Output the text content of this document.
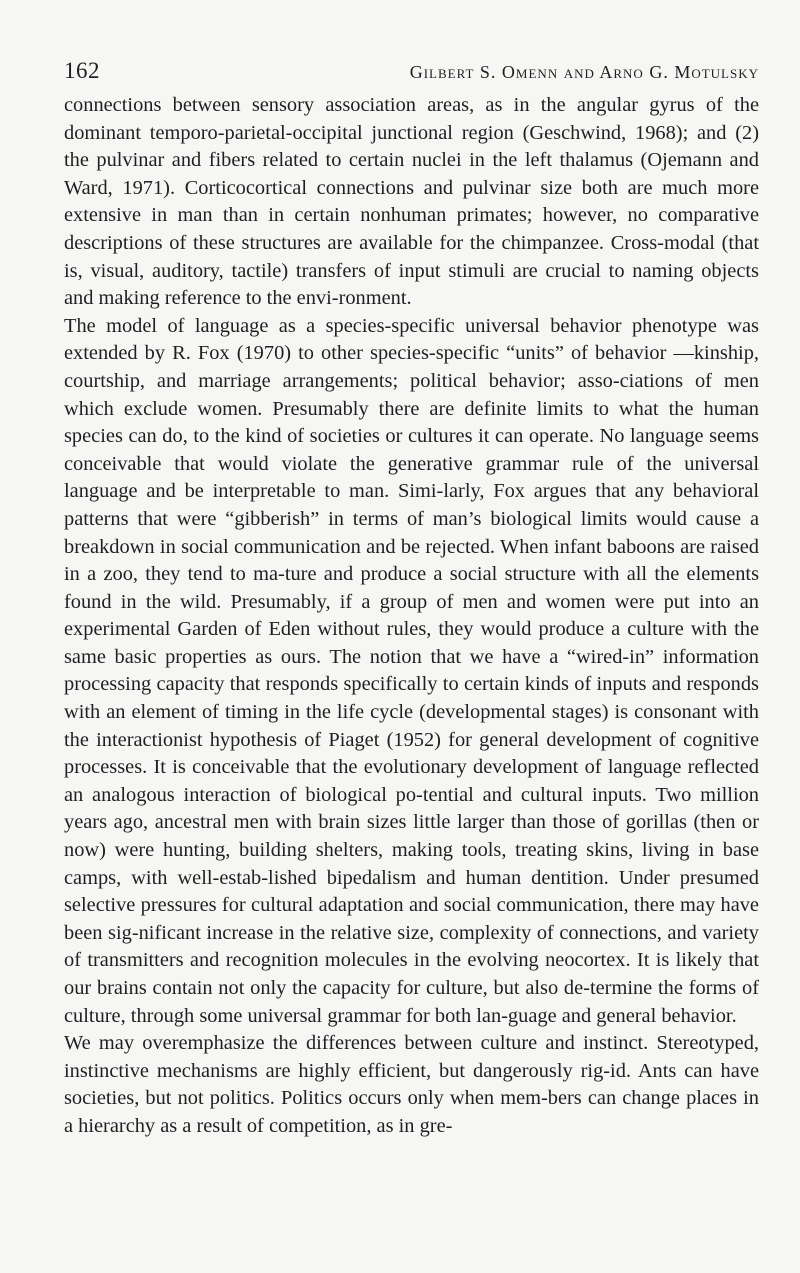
162	Gilbert S. Omenn and Arno G. Motulsky

connections between sensory association areas, as in the angular gyrus of the dominant temporo-parietal-occipital junctional region (Geschwind, 1968); and (2) the pulvinar and fibers related to certain nuclei in the left thalamus (Ojemann and Ward, 1971). Corticocortical connections and pulvinar size both are much more extensive in man than in certain nonhuman primates; however, no comparative descriptions of these structures are available for the chimpanzee. Cross-modal (that is, visual, auditory, tactile) transfers of input stimuli are crucial to naming objects and making reference to the envi-ronment.

The model of language as a species-specific universal behavior phenotype was extended by R. Fox (1970) to other species-specific “units” of behavior —kinship, courtship, and marriage arrangements; political behavior; asso-ciations of men which exclude women. Presumably there are definite limits to what the human species can do, to the kind of societies or cultures it can operate. No language seems conceivable that would violate the generative grammar rule of the universal language and be interpretable to man. Simi-larly, Fox argues that any behavioral patterns that were “gibberish” in terms of man’s biological limits would cause a breakdown in social communication and be rejected. When infant baboons are raised in a zoo, they tend to ma-ture and produce a social structure with all the elements found in the wild. Presumably, if a group of men and women were put into an experimental Garden of Eden without rules, they would produce a culture with the same basic properties as ours. The notion that we have a “wired-in” information processing capacity that responds specifically to certain kinds of inputs and responds with an element of timing in the life cycle (developmental stages) is consonant with the interactionist hypothesis of Piaget (1952) for general development of cognitive processes. It is conceivable that the evolutionary development of language reflected an analogous interaction of biological po-tential and cultural inputs. Two million years ago, ancestral men with brain sizes little larger than those of gorillas (then or now) were hunting, building shelters, making tools, treating skins, living in base camps, with well-estab-lished bipedalism and human dentition. Under presumed selective pressures for cultural adaptation and social communication, there may have been sig-nificant increase in the relative size, complexity of connections, and variety of transmitters and recognition molecules in the evolving neocortex. It is likely that our brains contain not only the capacity for culture, but also de-termine the forms of culture, through some universal grammar for both lan-guage and general behavior.

We may overemphasize the differences between culture and instinct. Stereotyped, instinctive mechanisms are highly efficient, but dangerously rig-id. Ants can have societies, but not politics. Politics occurs only when mem-bers can change places in a hierarchy as a result of competition, as in gre-
